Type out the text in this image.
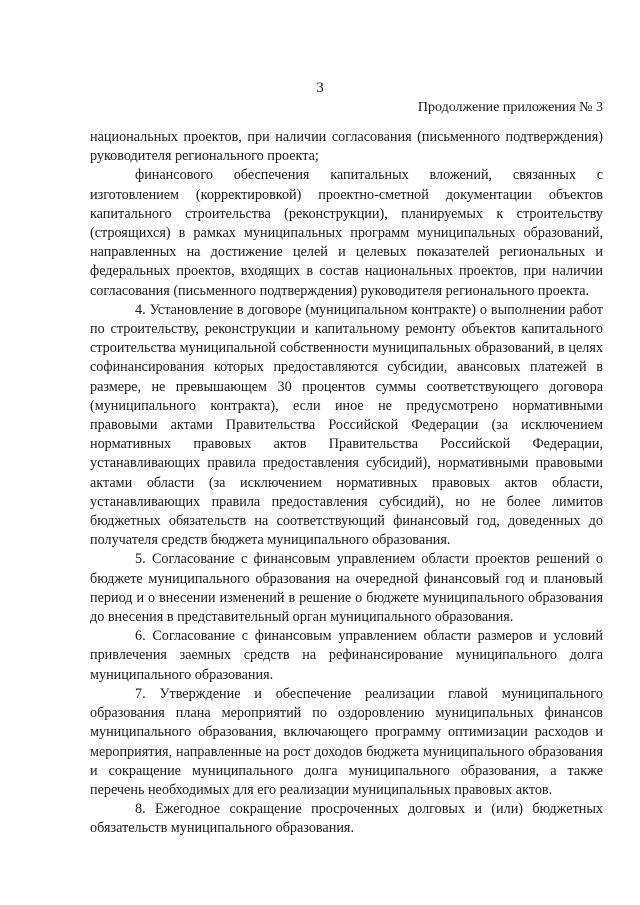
3
Продолжение приложения № 3

национальных проектов, при наличии согласования (письменного подтверждения) руководителя регионального проекта;

финансового обеспечения капитальных вложений, связанных с изготовлением (корректировкой) проектно-сметной документации объектов капитального строительства (реконструкции), планируемых к строительству (строящихся) в рамках муниципальных программ муниципальных образований, направленных на достижение целей и целевых показателей региональных и федеральных проектов, входящих в состав национальных проектов, при наличии согласования (письменного подтверждения) руководителя регионального проекта.

4. Установление в договоре (муниципальном контракте) о выполнении работ по строительству, реконструкции и капитальному ремонту объектов капитального строительства муниципальной собственности муниципальных образований, в целях софинансирования которых предоставляются субсидии, авансовых платежей в размере, не превышающем 30 процентов суммы соответствующего договора (муниципального контракта), если иное не предусмотрено нормативными правовыми актами Правительства Российской Федерации (за исключением нормативных правовых актов Правительства Российской Федерации, устанавливающих правила предоставления субсидий), нормативными правовыми актами области (за исключением нормативных правовых актов области, устанавливающих правила предоставления субсидий), но не более лимитов бюджетных обязательств на соответствующий финансовый год, доведенных до получателя средств бюджета муниципального образования.

5. Согласование с финансовым управлением области проектов решений о бюджете муниципального образования на очередной финансовый год и плановый период и о внесении изменений в решение о бюджете муниципального образования до внесения в представительный орган муниципального образования.

6. Согласование с финансовым управлением области размеров и условий привлечения заемных средств на рефинансирование муниципального долга муниципального образования.

7. Утверждение и обеспечение реализации главой муниципального образования плана мероприятий по оздоровлению муниципальных финансов муниципального образования, включающего программу оптимизации расходов и мероприятия, направленные на рост доходов бюджета муниципального образования и сокращение муниципального долга муниципального образования, а также перечень необходимых для его реализации муниципальных правовых актов.

8. Ежегодное сокращение просроченных долговых и (или) бюджетных обязательств муниципального образования.
